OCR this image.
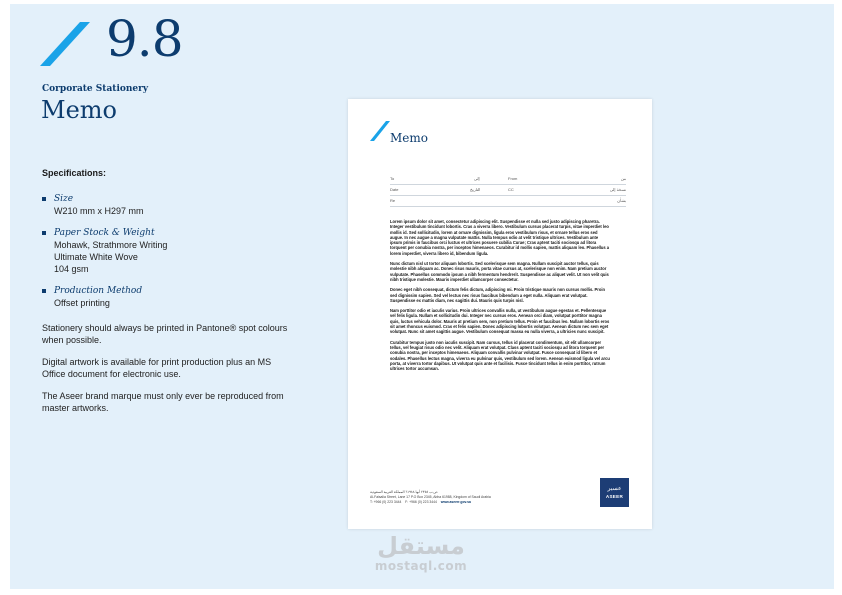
9.8
Corporate Stationery
Memo
Specifications:
Size
W210 mm x H297 mm
Paper Stock & Weight
Mohawk, Strathmore Writing
Ultimate White Wove
104 gsm
Production Method
Offset printing

Stationery should always be printed in Pantone® spot colours when possible.

Digital artwork is available for print production plus an MS Office document for electronic use.

The Aseer brand marque must only ever be reproduced from master artworks.

Memo
To	إلى	From	من
Date	التاريخ	CC	نسخة إلى
Re	بشأن

Lorem ipsum dolor sit amet, consectetur adipiscing elit. Suspendisse et nulla sed justo adipiscing pharetra. Integer vestibulum tincidunt lobortis. Cras a viverra libero. Vestibulum cursus placerat turpis, vitae imperdiet leo mollis id. Sed sollicitudin, lorem at ornare dignissim, ligula eros vestibulum risus, et ornare tellus eros sed augue. In nec augue a magna vulputate mattis. Nulla tempus odio at velit tristique ultrices. Vestibulum ante ipsum primis in faucibus orci luctus et ultrices posuere cubilia Curae; Cras aptent taciti sociosqu ad litora torquent per conubia nostra, per inceptos himenaeos. Curabitur id mollis sapien, mattis aliquam leo. Phasellus a lorem imperdiet, viverra libero id, bibendum ligula.

Nunc dictum nisl ut tortor aliquam lobortis. Sed scelerisque sem magna. Nullam suscipit auctor tellus, quis molestie nibh aliquam ac. Donec risus mauris, porta vitae cursus at, scelerisque non enim. Nam pretium auctor vulputate. Phasellus commodo ipsum a nibh fermentum hendrerit. Suspendisse ac aliquet velit. Ut non velit quis nibh tristique molestie. Mauris imperdiet ullamcorper consectetur.

Donec eget nibh consequat, dictum felis dictum, adipiscing mi. Proin tristique mauris non cursus mollis. Proin sed dignissim sapien. Sed vel lectus nec risus faucibus bibendum a eget nulla. Aliquam erat volutpat. Suspendisse ex mattis diam, nec sagittis dui. Mauris quis turpis nisl.

Nam porttitor odio et iaculis varius. Proin ultrices convallis nulla, ut vestibulum augue egestas et. Pellentesque vel felis ligula. Nullam et sollicitudin dui. Integer nec cursus eros. Aenean orci diam, volutpat porttitor magna quis, luctus vehicula dolor. Mauris at pretium sem, non pretium tellus. Proin et faucibus leo. Nullam lobortis eros sit amet rhoncus euismod. Cras et felis sapien. Donec adipiscing lobortis volutpat. Aenean dictum nec sem eget volutpat. Nunc sit amet sagittis augue. Vestibulum consequat massa eu nulla viverra, a ultricies nunc suscipit.

Curabitur tempus justo non iaculis suscipit. Nam cursus, tellus id placerat condimentum, sit elit ullamcorper tellus, vel feugiat risus odio nec velit. Aliquam erat volutpat. Class aptent taciti sociosqu ad litora torquent per conubia nostra, per inceptos himenaeos. Aliquam convallis pulvinar volutpat. Fusce consequat id libero et sodales. Phasellus lectus magna, viverra eu pulvinar quis, vestibulum sed lorem. Aenean euismod ligula vel arcu porta, at viverra tortor dapibus. Ut volutpat quis ante et facilisis. Fusce tincidunt tellus in enim porttitor, rutrum ultrices tortor accumsan.

ص.ب ٢٣٤٥ أبها ٦١٩٨٨ المملكة العربية السعودية
Al-Faisalia Street, Lane 17 P.O Box 2345, Abha 61988, Kingdom of Saudi Arabia
T: +966 (0) 223 3444 F: +966 (0) 223 3444 www.aseerr.gov.sa
عسير
ASEER
مستقل
mostaql.com
